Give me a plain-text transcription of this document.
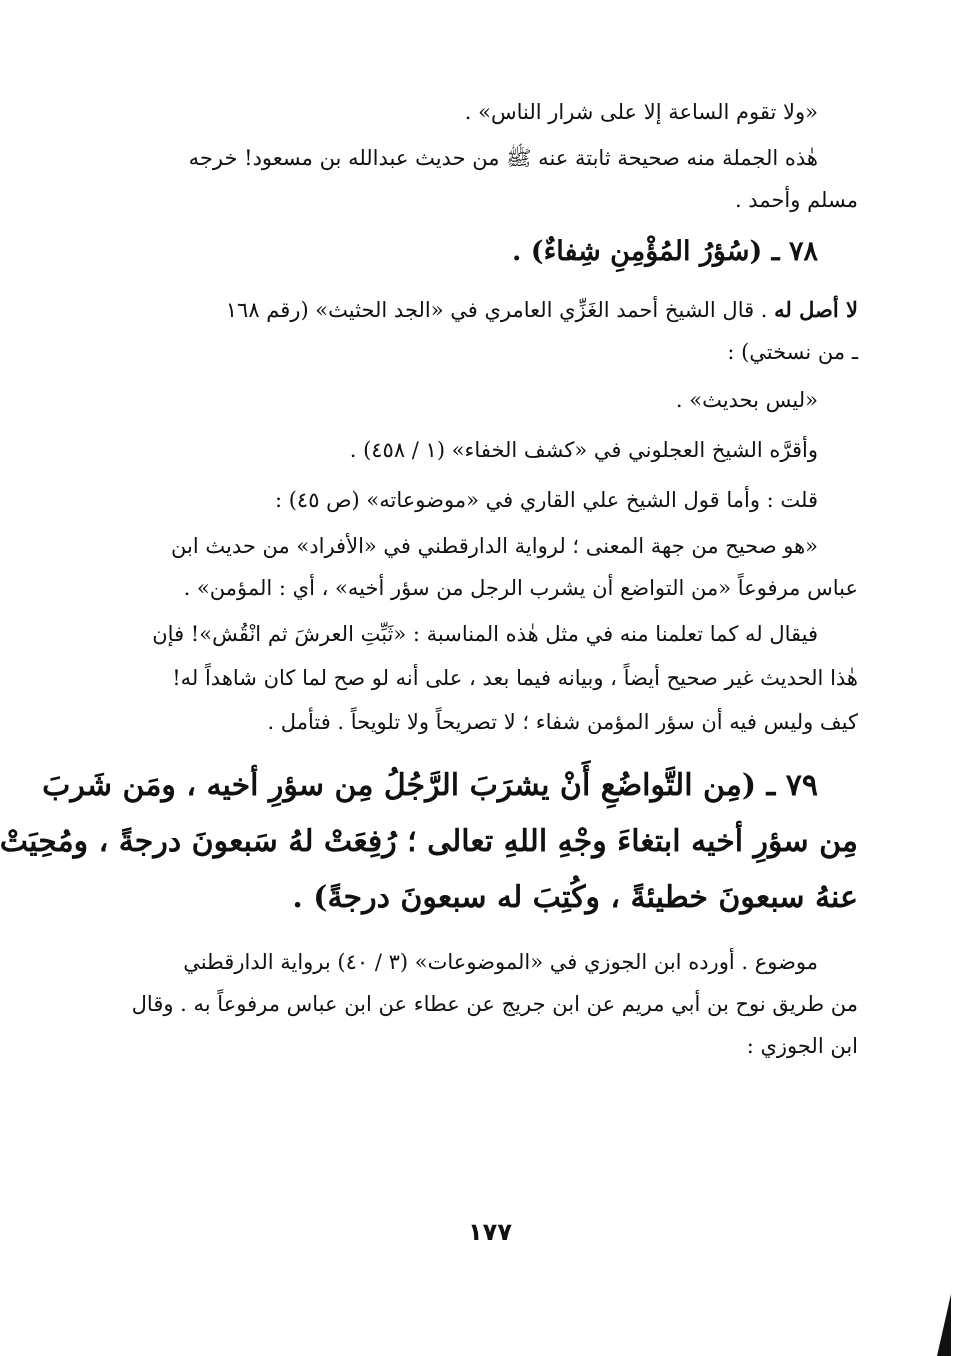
«ولا تقوم الساعة إلا على شرار الناس» .

هٰذه الجملة منه صحيحة ثابتة عنه ﷺ من حديث عبدالله بن مسعود! خرجه

مسلم وأحمد .

٧٨ ـ (سُؤرُ المُؤْمِنِ شِفاءٌ) .

لا أصل له . قال الشيخ أحمد الغَزِّي العامري في «الجد الحثيث» (رقم ١٦٨

ـ من نسختي) :

«ليس بحديث» .

وأقرَّه الشيخ العجلوني في «كشف الخفاء» (١ / ٤٥٨) .

قلت : وأما قول الشيخ علي القاري في «موضوعاته» (ص ٤٥) :

«هو صحيح من جهة المعنى ؛ لرواية الدارقطني في «الأفراد» من حديث ابن

عباس مرفوعاً «من التواضع أن يشرب الرجل من سؤر أخيه» ، أي : المؤمن» .

فيقال له كما تعلمنا منه في مثل هٰذه المناسبة : «ثَبِّتِ العرشَ ثم انْقُش»! فإن

هٰذا الحديث غير صحيح أيضاً ، وبيانه فيما بعد ، على أنه لو صح لما كان شاهداً له!

كيف وليس فيه أن سؤر المؤمن شفاء ؛ لا تصريحاً ولا تلويحاً . فتأمل .

٧٩ ـ (مِن التَّواضُعِ أَنْ يشرَبَ الرَّجُلُ مِن سؤرِ أخيه ، ومَن شَربَ
مِن سؤرِ أخيه ابتغاءَ وجْهِ اللهِ تعالى ؛ رُفِعَتْ لهُ سَبعونَ درجةً ، ومُحِيَتْ
عنهُ سبعونَ خطيئةً ، وكُتِبَ له سبعونَ درجةً) .

موضوع . أورده ابن الجوزي في «الموضوعات» (٣ / ٤٠) برواية الدارقطني

من طريق نوح بن أبي مريم عن ابن جريج عن عطاء عن ابن عباس مرفوعاً به . وقال

ابن الجوزي :

١٧٧
